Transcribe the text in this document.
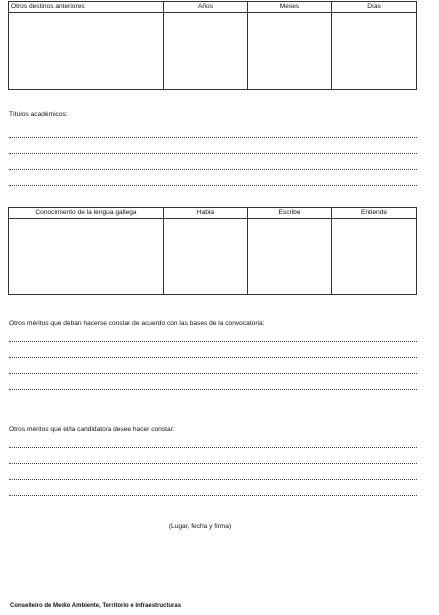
Otros destinos anteriores	Años	Meses	Días

Títulos académicos:
Conocimiento de la lengua gallega	Habla	Escribe	Entiende

Otros méritos que deban hacerse constar de acuerdo con las bases de la convocatoria:
Otros méritos que el/la candidato/a desee hacer constar:
(Lugar, fecha y firma)
Conselleiro de Medio Ambiente, Territorio e Infraestructuras
